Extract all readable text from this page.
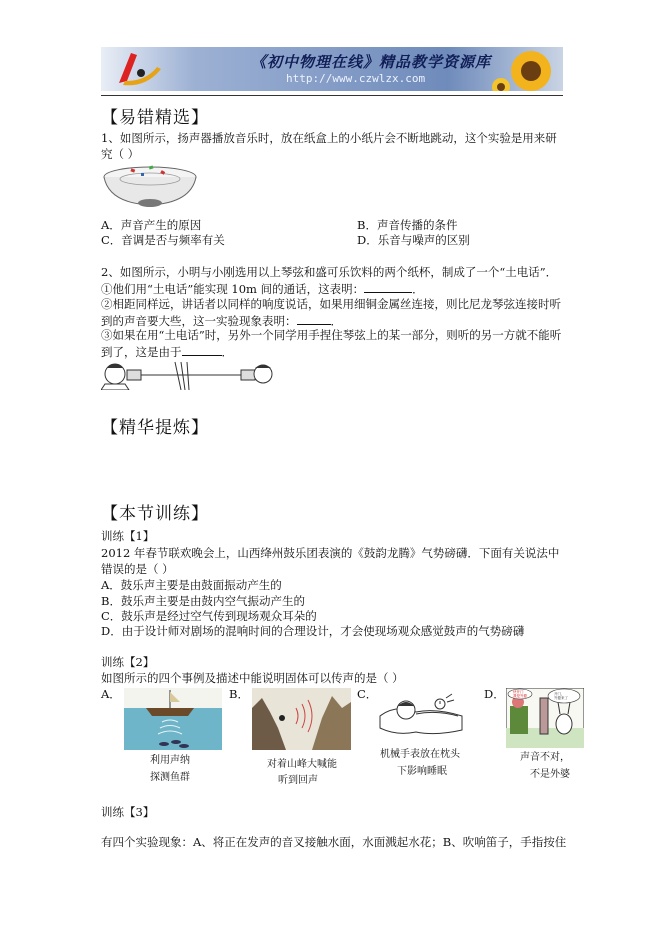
《初中物理在线》精品教学资源库
http://www.czwlzx.com
【易错精选】
1、如图所示，扬声器播放音乐时，放在纸盒上的小纸片会不断地跳动，这个实验是用来研
究（ ）
A．声音产生的原因	B．声音传播的条件
C．音调是否与频率有关	D．乐音与噪声的区别
2、如图所示，小明与小刚选用以上琴弦和盛可乐饮料的两个纸杯，制成了一个“土电话”．
①他们用“土电话”能实现 10m 间的通话，这表明：	．
②相距同样远，讲话者以同样的响度说话，如果用细铜金属丝连接，则比尼龙琴弦连接时听
到的声音要大些，这一实验现象表明：	．
③如果在用“土电话”时，另外一个同学用手捏住琴弦上的某一部分，则听的另一方就不能听
到了，这是由于	．
【精华提炼】
【本节训练】
训练【1】
2012 年春节联欢晚会上，山西绛州鼓乐团表演的《鼓韵龙腾》气势磅礴．下面有关说法中
错误的是（ ）
A．鼓乐声主要是由鼓面振动产生的
B．鼓乐声主要是由鼓内空气振动产生的
C．鼓乐声是经过空气传到现场观众耳朵的
D．由于设计师对剧场的混响时间的合理设计，才会使现场观众感觉鼓声的气势磅礴
训练【2】
如图所示的四个事例及描述中能说明固体可以传声的是（ ）
A．	B．	C．	D．
利用声纳
探测鱼群
对着山峰大喊能
听到回声
机械手表放在枕头
下影响睡眠
快开门
我是外婆	开门，
外婆来了
声音不对，
不是外婆
训练【3】
有四个实验现象：A、将正在发声的音叉接触水面，水面溅起水花；B、吹响笛子，手指按住
